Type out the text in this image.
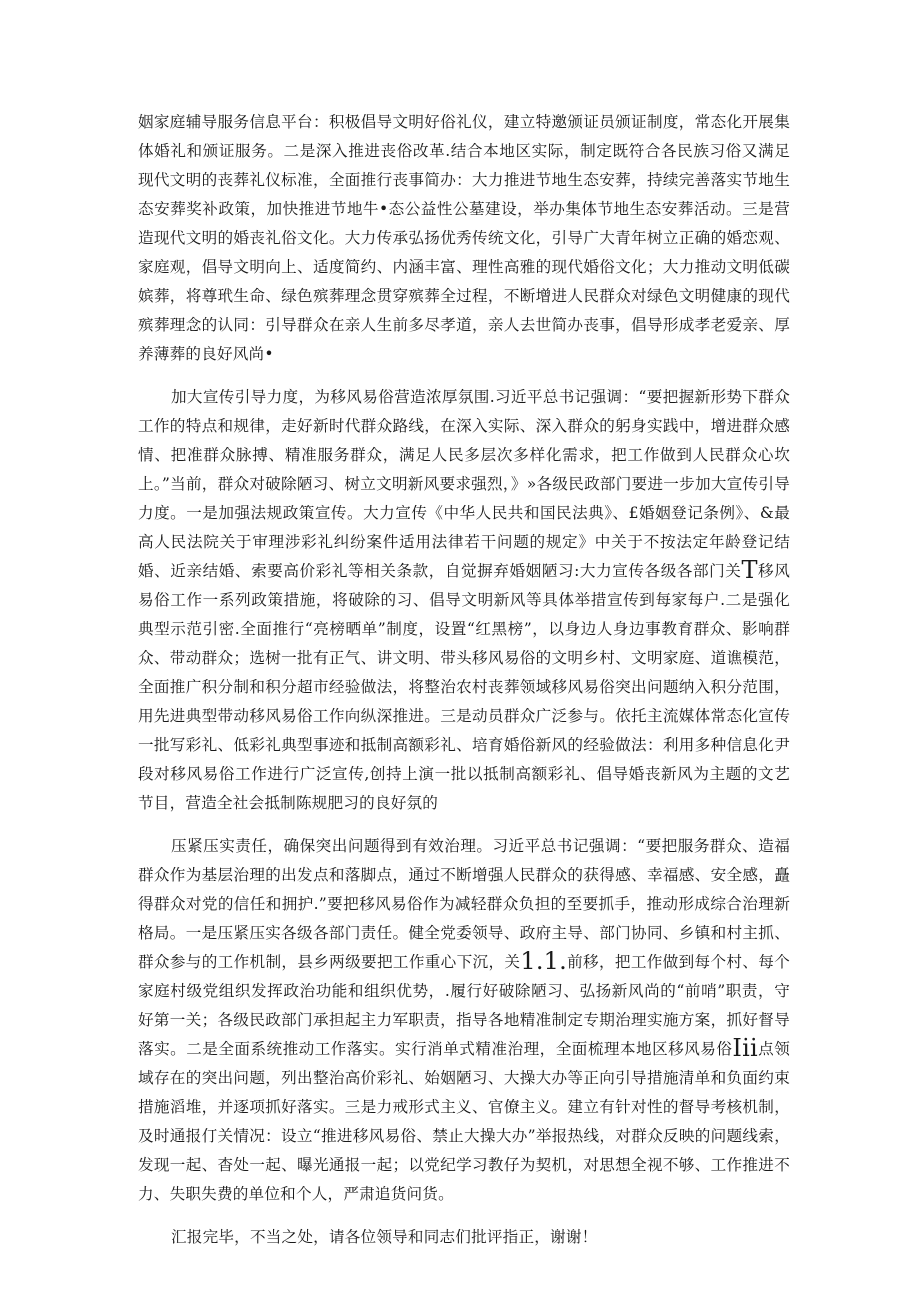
姻家庭辅导服务信息平台：积极倡导文明好俗礼仪，建立特邀颁证员颁证制度，常态化开展集体婚礼和颁证服务。二是深入推进丧俗改革.结合本地区实际，制定既符合各民族习俗又满足现代文明的丧葬礼仪标准，全面推行丧事简办：大力推进节地生态安葬，持续完善落实节地生态安葬奖补政策，加快推进节地牛•态公益性公墓建设，举办集体节地生态安葬活动。三是营造现代文明的婚丧礼俗文化。大力传承弘扬优秀传统文化，引导广大青年树立正确的婚恋观、家庭观，倡导文明向上、适度简约、内涵丰富、理性高雅的现代婚俗文化；大力推动文明低碳嫔葬，将尊玳生命、绿色殡葬理念贯穿殡葬全过程，不断增进人民群众对绿色文明健康的现代殡葬理念的认同：引导群众在亲人生前多尽孝道，亲人去世简办丧事，倡导形成孝老爱亲、厚养薄葬的良好风尚•

加大宣传引导力度，为移风易俗营造浓厚氛围.习近平总书记强调：“要把握新形势下群众工作的特点和规律，走好新时代群众路线，在深入实际、深入群众的躬身实践中，增进群众感情、把准群众脉搏、精准服务群众，满足人民多层次多样化需求，把工作做到人民群众心坎上。”当前，群众对破除陋习、树立文明新风要求强烈，》»各级民政部门要进一步加大宣传引导力度。一是加强法规政策宣传。大力宣传《中华人民共和国民法典》、£婚姻登记条例》、&最高人民法院关于审理涉彩礼纠纷案件适用法律若干问题的规定》中关于不按法定年龄登记结婚、近亲结婚、索要高价彩礼等相关条款，自觉摒弃婚姻陋习:大力宣传各级各部门关T移风易俗工作一系列政策措施，将破除的习、倡导文明新风等具体举措宣传到每家每户.二是强化典型示范引密.全面推行“亮榜晒单”制度，设置“红黑榜”，以身边人身边事教育群众、影响群众、带动群众；选树一批有正气、讲文明、带头移风易俗的文明乡村、文明家庭、道谯模范，全面推广积分制和积分超市经验做法，将整治农村丧葬领域移风易俗突出问题纳入积分范围，用先进典型带动移风易俗工作向纵深推进。三是动员群众广泛参与。依托主流媒体常态化宣传一批写彩礼、低彩礼典型事迹和抵制高额彩礼、培育婚俗新风的经验做法：利用多种信息化尹段对移风易俗工作进行广泛宣传,创持上演一批以抵制高额彩礼、倡导婚丧新风为主题的文艺节目，营造全社会抵制陈规肥习的良好氛的

压紧压实责任，确保突出问题得到有效治理。习近平总书记强调：“要把服务群众、造福群众作为基层治理的出发点和落脚点，通过不断增强人民群众的获得感、幸福感、安全感，矗得群众对党的信任和拥护.”要把移风易俗作为减轻群众负担的至要抓手，推动形成综合治理新格局。一是压紧压实各级各部门责任。健全党委领导、政府主导、部门协同、乡镇和村主抓、群众参与的工作机制，县乡两级要把工作重心下沉，关1.1.前移，把工作做到每个村、每个家庭村级党组织发挥政治功能和组织优势，.履行好破除陋习、弘扬新风尚的“前哨”职责，守好第一关；各级民政部门承担起主力军职责，指导各地精准制定专期治理实施方案，抓好督导落实。二是全面系统推动工作落实。实行消单式精准治理，全面梳理本地区移风易俗Iii点领域存在的突出问题，列出整治高价彩礼、始姻陋习、大操大办等正向引导措施清单和负面约束措施滔堆，并逐项抓好落实。三是力戒形式主义、官僚主义。建立有针对性的督导考核机制，及时通报仃关情况：设立“推进移风易俗、禁止大操大办”举报热线，对群众反映的问题线索，发现一起、杳处一起、曝光通报一起；以党纪学习教仔为契机，对思想全视不够、工作推进不力、失职失费的单位和个人，严肃追货问货。

汇报完毕，不当之处，请各位领导和同志们批评指正，谢谢！
